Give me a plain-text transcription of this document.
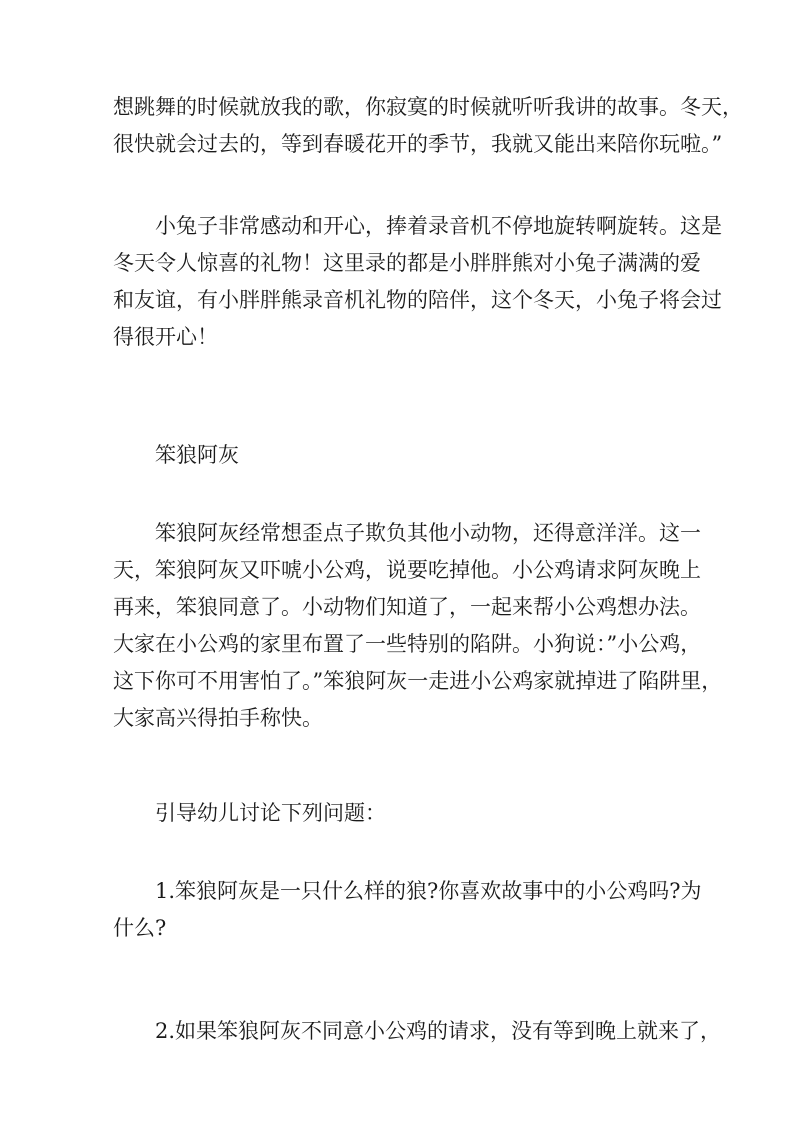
想跳舞的时候就放我的歌，你寂寞的时候就听听我讲的故事。冬天，
很快就会过去的，等到春暖花开的季节，我就又能出来陪你玩啦。”
小兔子非常感动和开心，捧着录音机不停地旋转啊旋转。这是
冬天令人惊喜的礼物！这里录的都是小胖胖熊对小兔子满满的爱
和友谊，有小胖胖熊录音机礼物的陪伴，这个冬天，小兔子将会过
得很开心！
笨狼阿灰
笨狼阿灰经常想歪点子欺负其他小动物，还得意洋洋。这一
天，笨狼阿灰又吓唬小公鸡，说要吃掉他。小公鸡请求阿灰晚上
再来，笨狼同意了。小动物们知道了，一起来帮小公鸡想办法。
大家在小公鸡的家里布置了一些特别的陷阱。小狗说：”小公鸡，
这下你可不用害怕了。”笨狼阿灰一走进小公鸡家就掉进了陷阱里，
大家高兴得拍手称快。
引导幼儿讨论下列问题：
1.笨狼阿灰是一只什么样的狼?你喜欢故事中的小公鸡吗?为
什么?
2.如果笨狼阿灰不同意小公鸡的请求，没有等到晚上就来了，
